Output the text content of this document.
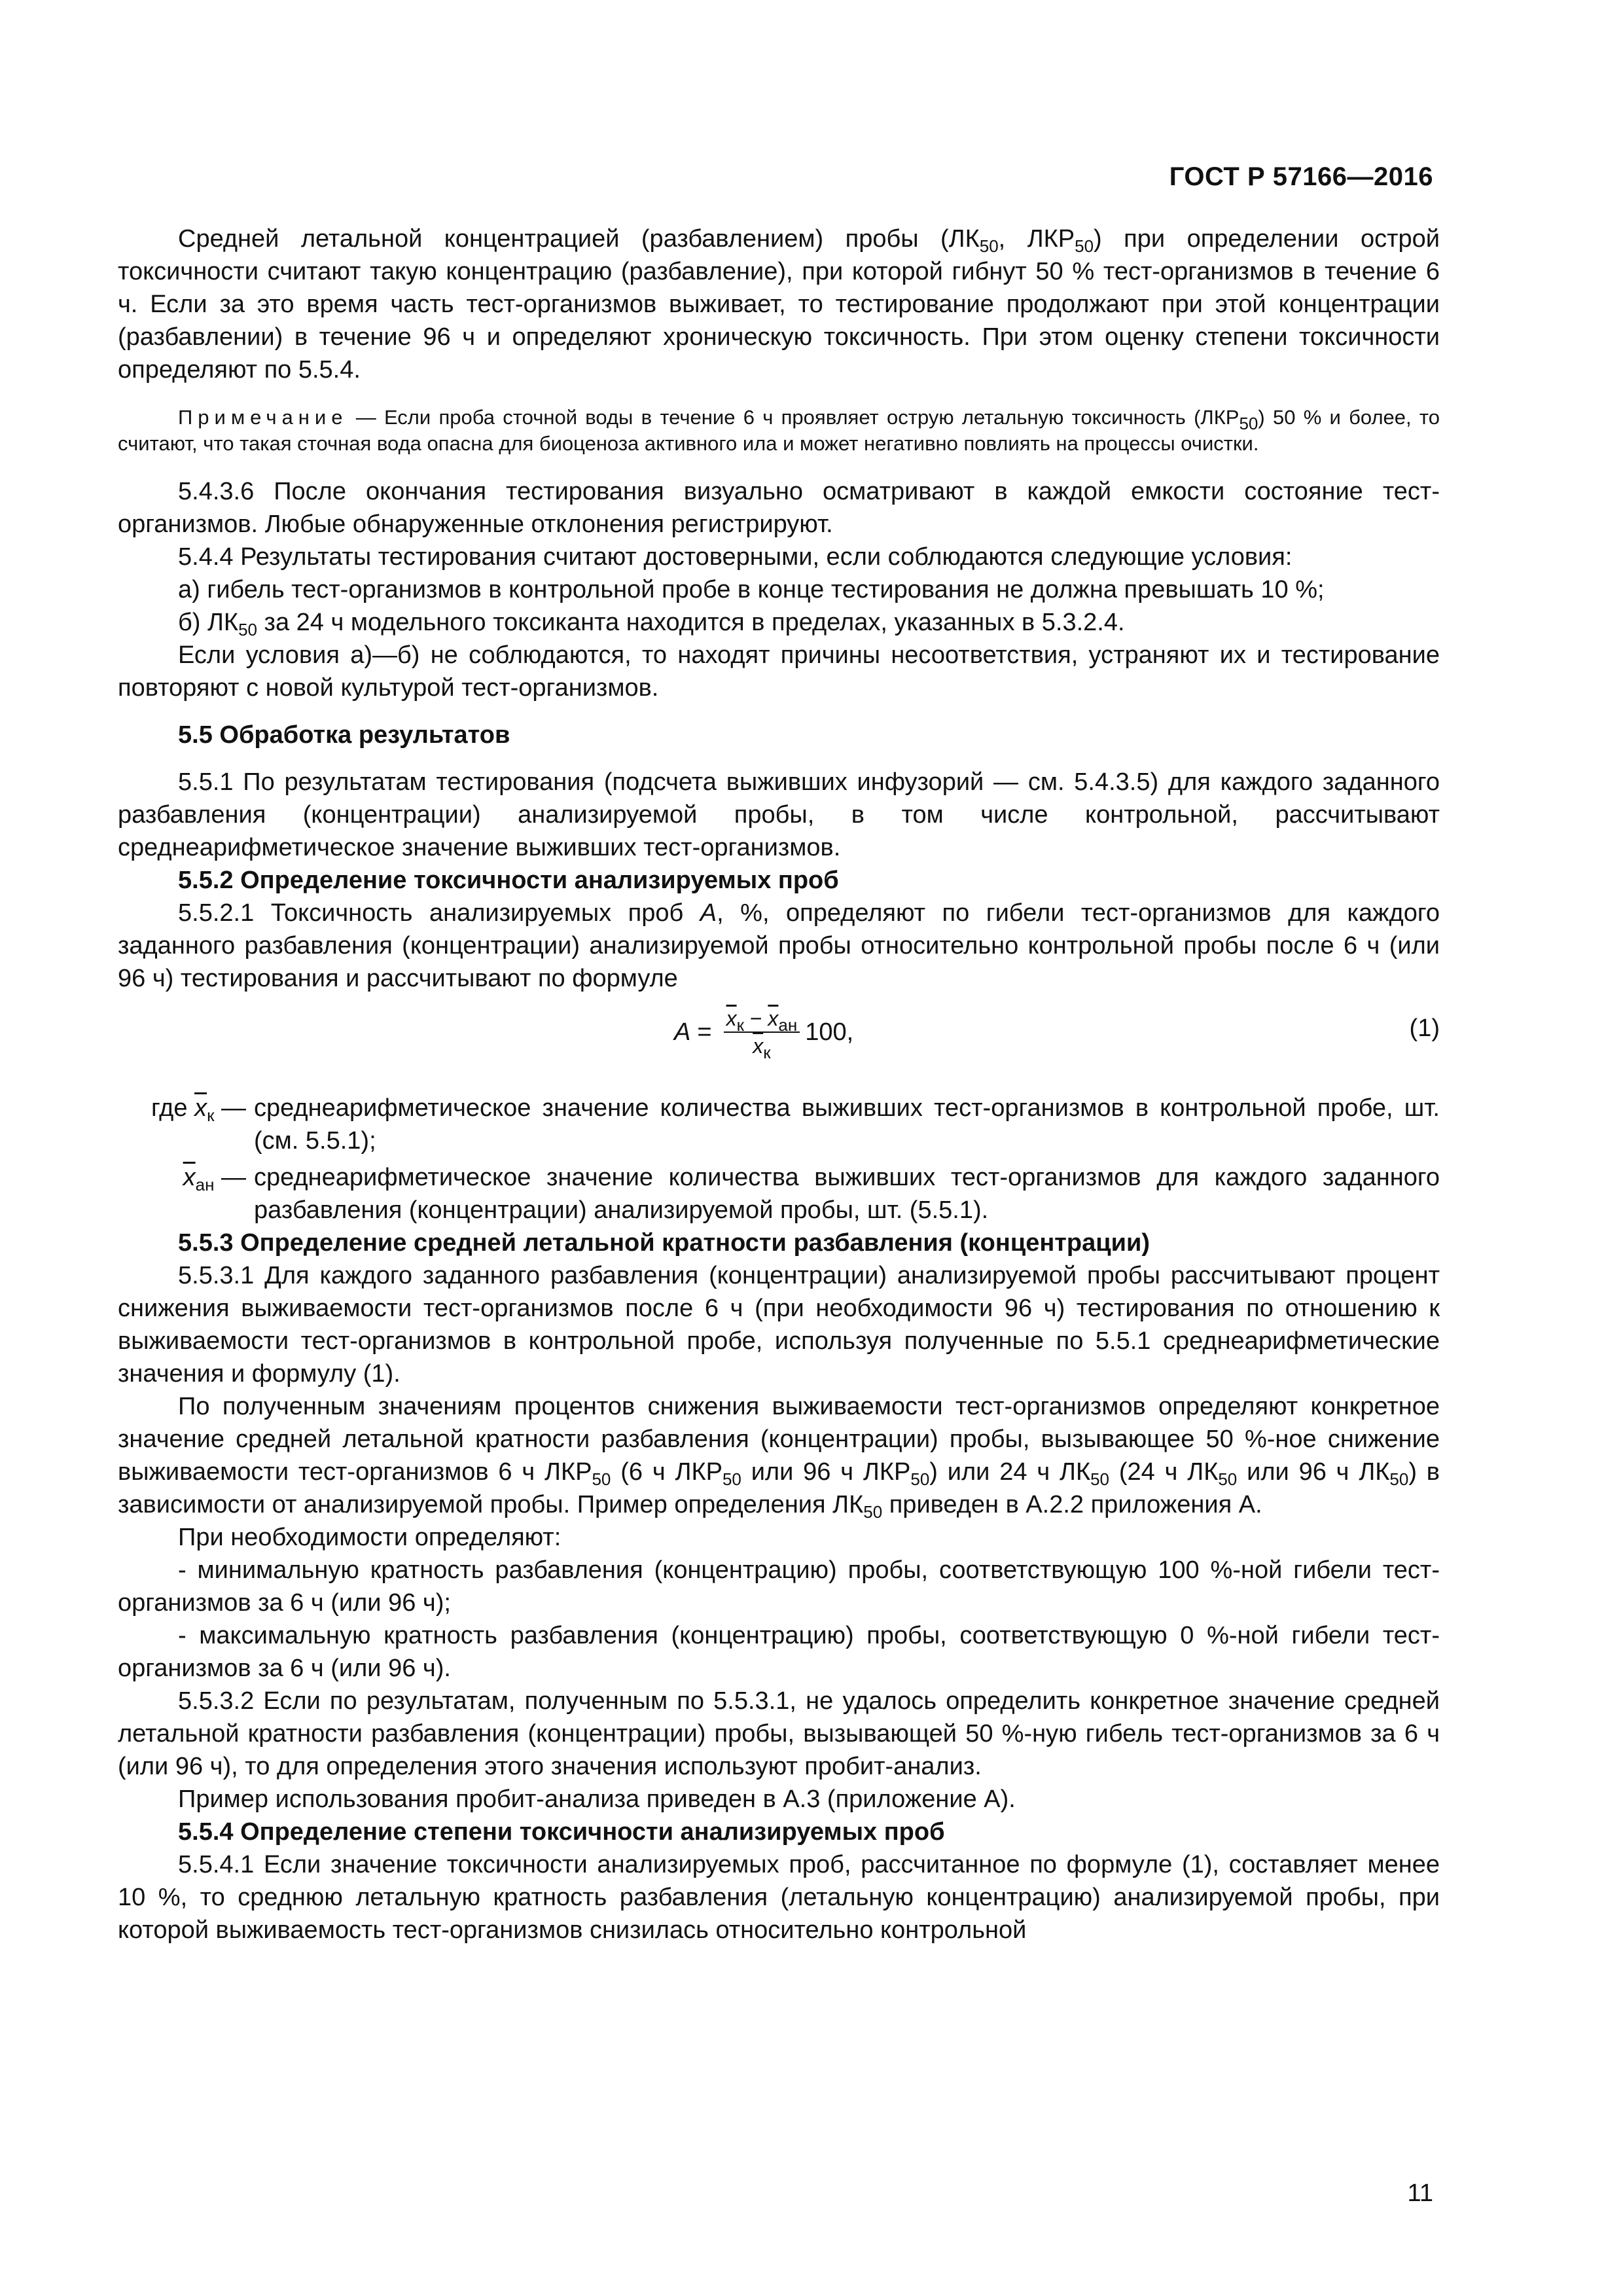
ГОСТ Р 57166—2016

Средней летальной концентрацией (разбавлением) пробы ($ЛК_{50}$, $ЛКР_{50}$) при определении острой токсичности считают такую концентрацию (разбавление), при которой гибнут 50 % тест-организмов в течение 6 ч. Если за это время часть тест-организмов выживает, то тестирование продолжают при этой концентрации (разбавлении) в течение 96 ч и определяют хроническую токсичность. При этом оценку степени токсичности определяют по 5.5.4.

Примечание — Если проба сточной воды в течение 6 ч проявляет острую летальную токсичность $(ЛКР_{50})$ 50 % и более, то считают, что такая сточная вода опасна для биоценоза активного ила и может негативно повлиять на процессы очистки.

5.4.3.6 После окончания тестирования визуально осматривают в каждой емкости состояние тест-организмов. Любые обнаруженные отклонения регистрируют.

5.4.4 Результаты тестирования считают достоверными, если соблюдаются следующие условия:

а) гибель тест-организмов в контрольной пробе в конце тестирования не должна превышать 10 %;

б) $ЛК_{50}$ за 24 ч модельного токсиканта находится в пределах, указанных в 5.3.2.4.

Если условия а)—б) не соблюдаются, то находят причины несоответствия, устраняют их и тестирование повторяют с новой культурой тест-организмов.

5.5 Обработка результатов

5.5.1 По результатам тестирования (подсчета выживших инфузорий — см. 5.4.3.5) для каждого заданного разбавления (концентрации) анализируемой пробы, в том числе контрольной, рассчитывают среднеарифметическое значение выживших тест-организмов.

5.5.2 Определение токсичности анализируемых проб

5.5.2.1 Токсичность анализируемых проб A, %, определяют по гибели тест-организмов для каждого заданного разбавления (концентрации) анализируемой пробы относительно контрольной пробы после 6 ч (или 96 ч) тестирования и рассчитывают по формуле

$A = \frac{\overline{x}_к - \overline{x}_{ан}}{\overline{x}_к} 100$,	(1)
где $\overline{x}_к$ — среднеарифметическое значение количества выживших тест-организмов в контрольной пробе, шт. (см. 5.5.1);
$\overline{x}_{ан}$ — среднеарифметическое значение количества выживших тест-организмов для каждого заданного разбавления (концентрации) анализируемой пробы, шт. (5.5.1).

5.5.3 Определение средней летальной кратности разбавления (концентрации)

5.5.3.1 Для каждого заданного разбавления (концентрации) анализируемой пробы рассчитывают процент снижения выживаемости тест-организмов после 6 ч (при необходимости 96 ч) тестирования по отношению к выживаемости тест-организмов в контрольной пробе, используя полученные по 5.5.1 среднеарифметические значения и формулу (1).

По полученным значениям процентов снижения выживаемости тест-организмов определяют конкретное значение средней летальной кратности разбавления (концентрации) пробы, вызывающее 50 %-ное снижение выживаемости тест-организмов 6 ч $ЛКР_{50}$ (6 ч $ЛКР_{50}$ или 96 ч $ЛКР_{50}$) или 24 ч $ЛК_{50}$ (24 ч $ЛК_{50}$ или 96 ч $ЛК_{50}$) в зависимости от анализируемой пробы. Пример определения $ЛК_{50}$ приведен в А.2.2 приложения А.

При необходимости определяют:

- минимальную кратность разбавления (концентрацию) пробы, соответствующую 100 %-ной гибели тест-организмов за 6 ч (или 96 ч);

- максимальную кратность разбавления (концентрацию) пробы, соответствующую 0 %-ной гибели тест-организмов за 6 ч (или 96 ч).

5.5.3.2 Если по результатам, полученным по 5.5.3.1, не удалось определить конкретное значение средней летальной кратности разбавления (концентрации) пробы, вызывающей 50 %-ную гибель тест-организмов за 6 ч (или 96 ч), то для определения этого значения используют пробит-анализ.

Пример использования пробит-анализа приведен в А.3 (приложение А).

5.5.4 Определение степени токсичности анализируемых проб

5.5.4.1 Если значение токсичности анализируемых проб, рассчитанное по формуле (1), составляет менее 10 %, то среднюю летальную кратность разбавления (летальную концентрацию) анализируемой пробы, при которой выживаемость тест-организмов снизилась относительно контрольной

11
